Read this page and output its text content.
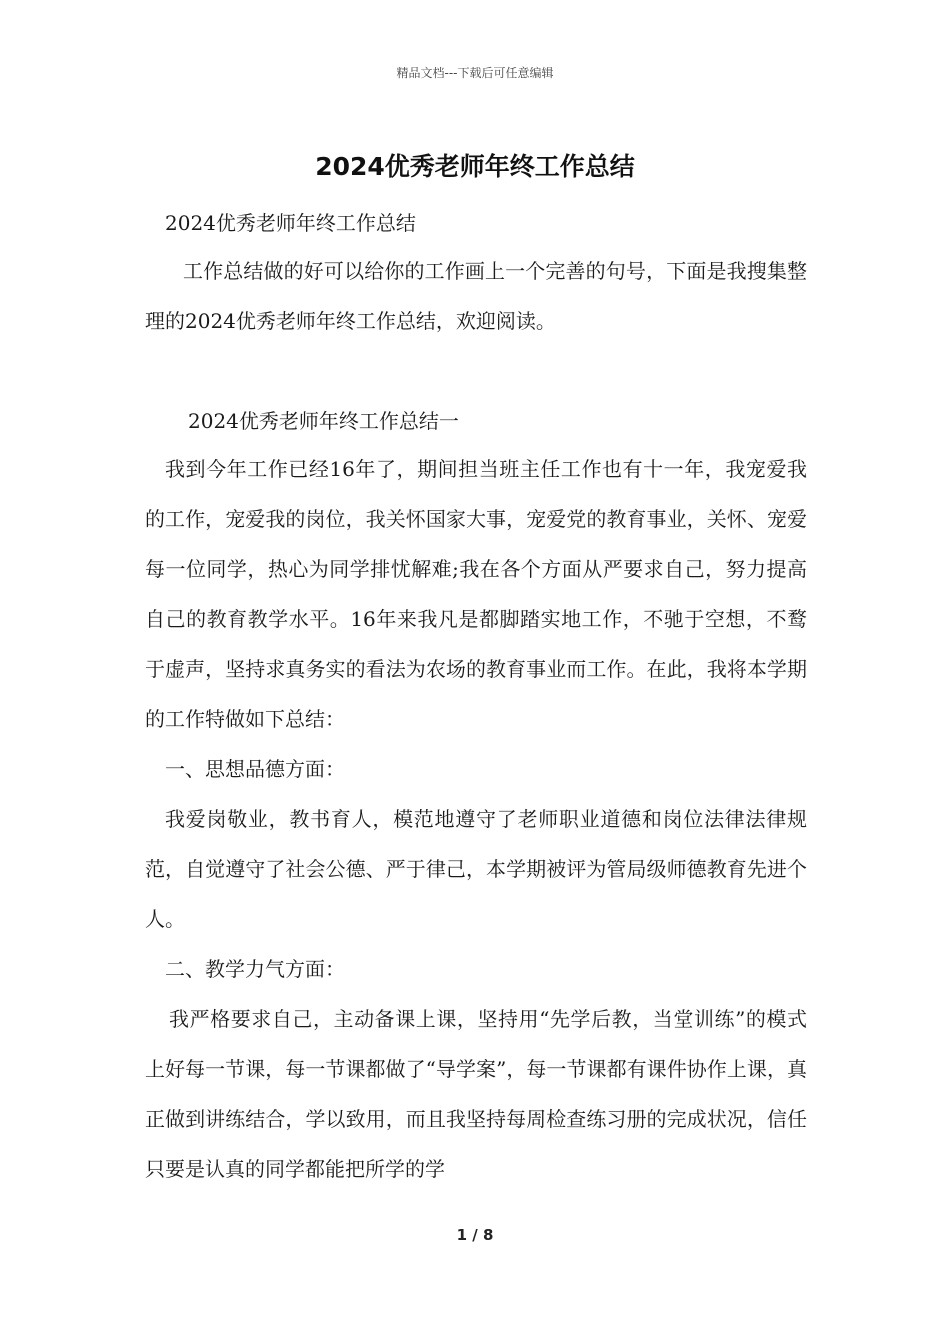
精品文档---下载后可任意编辑
2024优秀老师年终工作总结
2024优秀老师年终工作总结
工作总结做的好可以给你的工作画上一个完善的句号，下面是我搜集整理的2024优秀老师年终工作总结，欢迎阅读。
2024优秀老师年终工作总结一
我到今年工作已经16年了，期间担当班主任工作也有十一年，我宠爱我的工作，宠爱我的岗位，我关怀国家大事，宠爱党的教育事业，关怀、宠爱每一位同学，热心为同学排忧解难;我在各个方面从严要求自己，努力提高自己的教育教学水平。16年来我凡是都脚踏实地工作，不驰于空想，不鹜于虚声，坚持求真务实的看法为农场的教育事业而工作。在此，我将本学期的工作特做如下总结：
一、思想品德方面：
我爱岗敬业，教书育人，模范地遵守了老师职业道德和岗位法律法律规范，自觉遵守了社会公德、严于律己，本学期被评为管局级师德教育先进个人。
二、教学力气方面：
我严格要求自己，主动备课上课，坚持用“先学后教，当堂训练”的模式上好每一节课，每一节课都做了“导学案”，每一节课都有课件协作上课，真正做到讲练结合，学以致用，而且我坚持每周检查练习册的完成状况，信任只要是认真的同学都能把所学的学
1 / 8
